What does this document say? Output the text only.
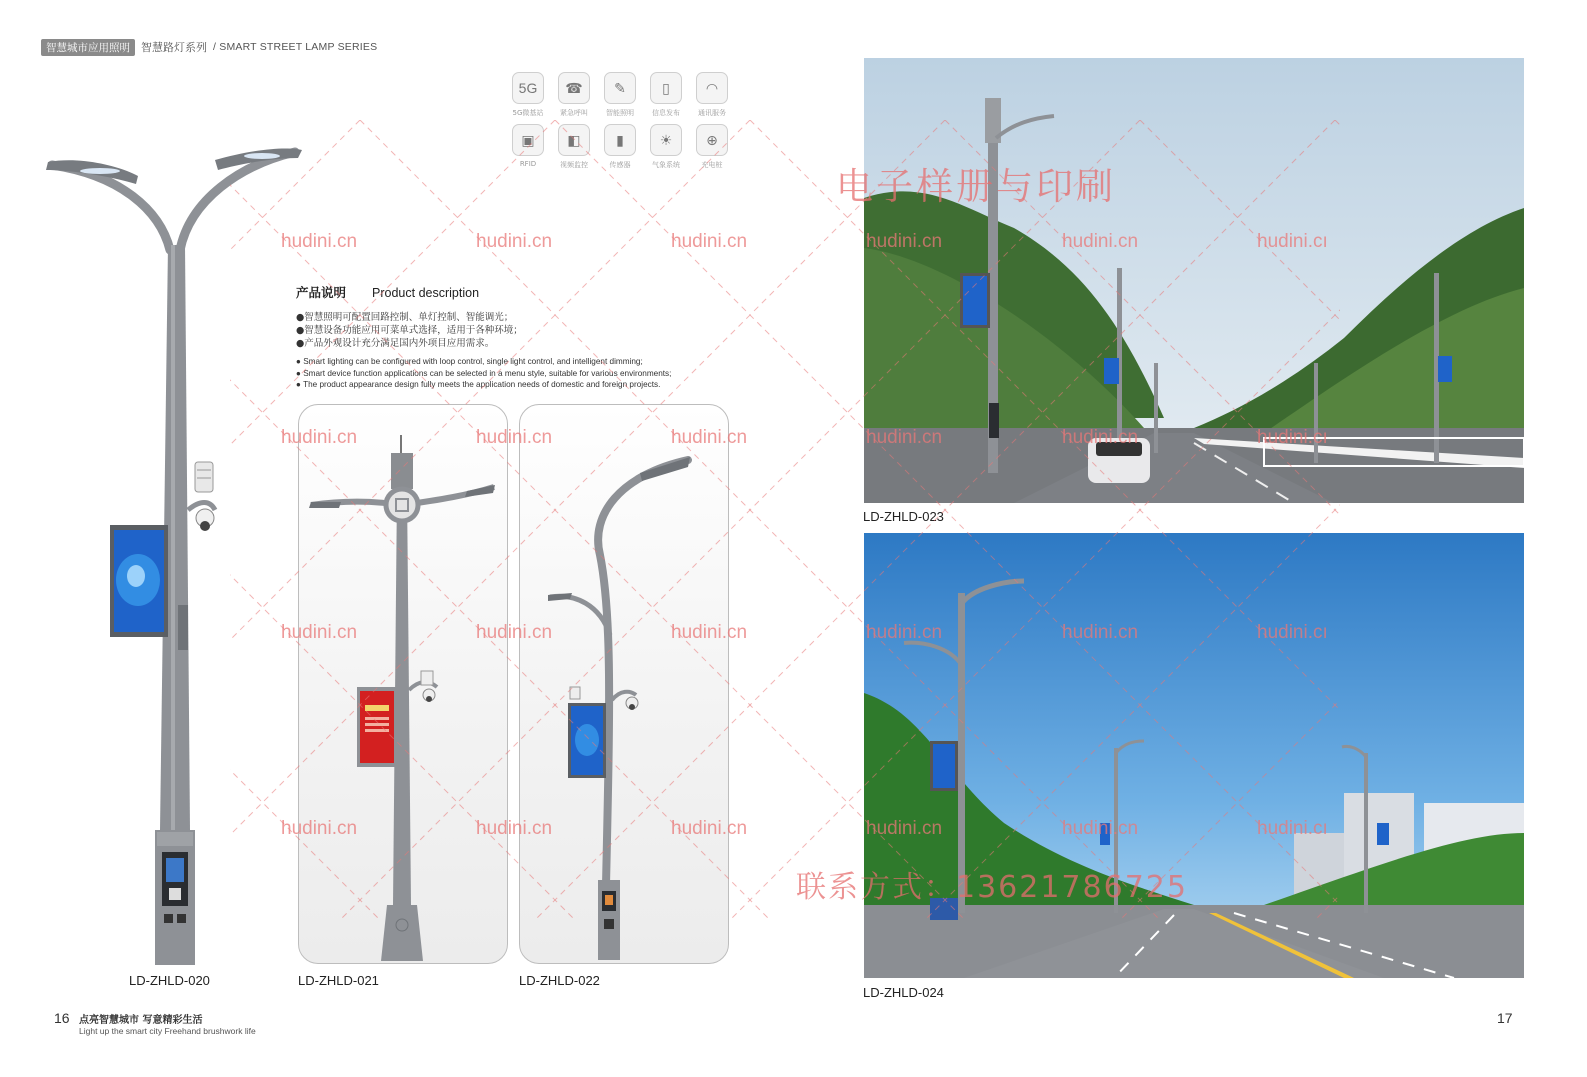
智慧城市应用照明	智慧路灯系列 / SMART STREET LAMP SERIES
5G
5G微基站
☎
紧急呼叫
✎
智能照明
▯
信息发布
◠
通讯服务
▣
RFID
◧
视频监控
▮
传感器
☀
气象系统
⊕
充电桩
产品说明 Product description
●智慧照明可配置回路控制、单灯控制、智能调光；
●智慧设备功能应用可菜单式选择，适用于各种环境；
●产品外观设计充分满足国内外项目应用需求。
● Smart lighting can be configured with loop control, single light control, and intelligent dimming;
● Smart device function applications can be selected in a menu style, suitable for various environments;
● The product appearance design fully meets the application needs of domestic and foreign projects.
LD-ZHLD-023
LD-ZHLD-024
LD-ZHLD-020	LD-ZHLD-021	LD-ZHLD-022
hudini.cn	hudini.cn	hudini.cn	hudini.cn	hudini.cn	hudini.cı
hudini.cn	hudini.cn	hudini.cn	hudini.cn	hudini.cn	hudini.cı
hudini.cn	hudini.cn	hudini.cn	hudini.cn	hudini.cn	hudini.cı
hudini.cn	hudini.cn	hudini.cn	hudini.cn	hudini.cn	hudini.cı
电子样册与印刷
联系方式：13621786725
16 点亮智慧城市 写意精彩生活
Light up the smart city Freehand brushwork life
17
